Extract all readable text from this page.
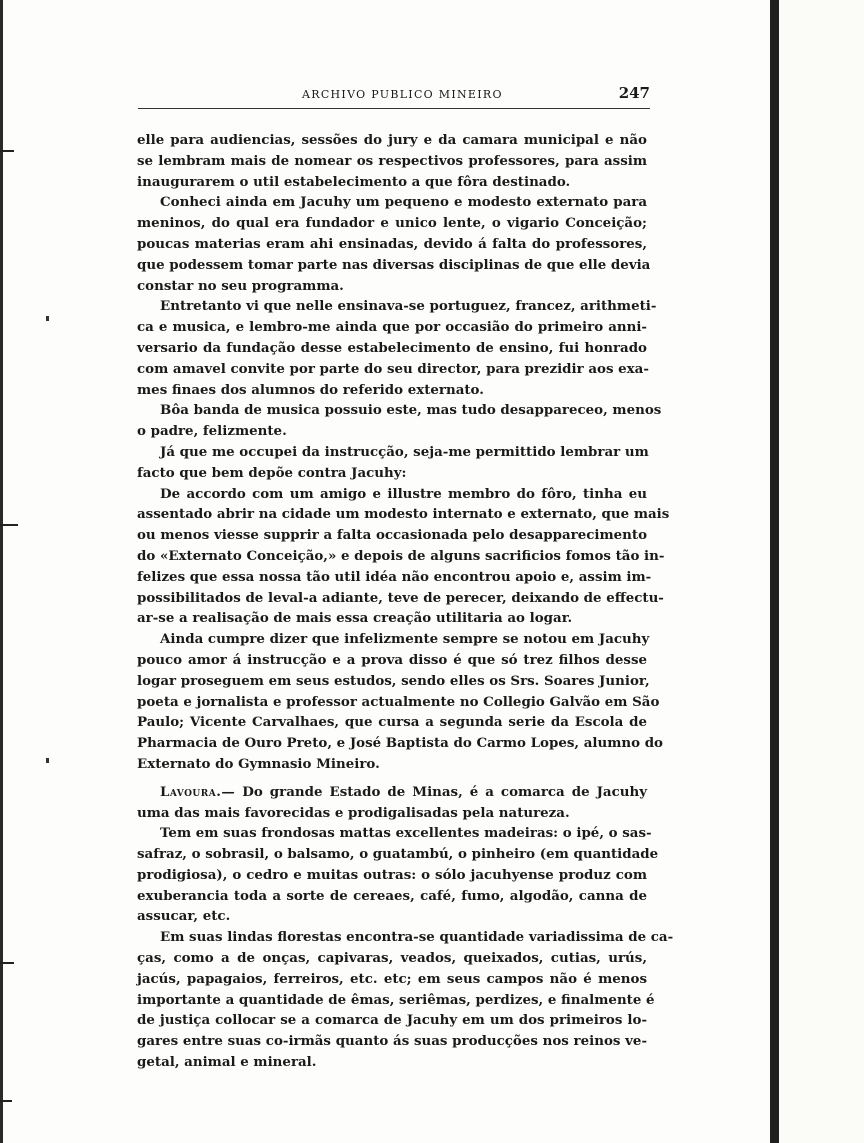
ARCHIVO PUBLICO MINEIRO	247
elle para audiencias, sessões do jury e da camara municipal e não
se lembram mais de nomear os respectivos professores, para assim
inaugurarem o util estabelecimento a que fôra destinado.
Conheci ainda em Jacuhy um pequeno e modesto externato para
meninos, do qual era fundador e unico lente, o vigario Conceição;
poucas materias eram ahi ensinadas, devido á falta do professores,
que podessem tomar parte nas diversas disciplinas de que elle devia
constar no seu programma.
Entretanto vi que nelle ensinava-se portuguez, francez, arithmeti-
ca e musica, e lembro-me ainda que por occasião do primeiro anni-
versario da fundação desse estabelecimento de ensino, fui honrado
com amavel convite por parte do seu director, para prezidir aos exa-
mes finaes dos alumnos do referido externato.
Bôa banda de musica possuio este, mas tudo desappareceo, menos
o padre, felizmente.
Já que me occupei da instrucção, seja-me permittido lembrar um
facto que bem depõe contra Jacuhy:
De accordo com um amigo e illustre membro do fôro, tinha eu
assentado abrir na cidade um modesto internato e externato, que mais
ou menos viesse supprir a falta occasionada pelo desapparecimento
do «Externato Conceição,» e depois de alguns sacrificios fomos tão in-
felizes que essa nossa tão util idéa não encontrou apoio e, assim im-
possibilitados de leval-a adiante, teve de perecer, deixando de effectu-
ar-se a realisação de mais essa creação utilitaria ao logar.
Ainda cumpre dizer que infelizmente sempre se notou em Jacuhy
pouco amor á instrucção e a prova disso é que só trez filhos desse
logar proseguem em seus estudos, sendo elles os Srs. Soares Junior,
poeta e jornalista e professor actualmente no Collegio Galvão em São
Paulo; Vicente Carvalhaes, que cursa a segunda serie da Escola de
Pharmacia de Ouro Preto, e José Baptista do Carmo Lopes, alumno do
Externato do Gymnasio Mineiro.
Lavoura.— Do grande Estado de Minas, é a comarca de Jacuhy
uma das mais favorecidas e prodigalisadas pela natureza.
Tem em suas frondosas mattas excellentes madeiras: o ipé, o sas-
safraz, o sobrasil, o balsamo, o guatambú, o pinheiro (em quantidade
prodigiosa), o cedro e muitas outras: o sólo jacuhyense produz com
exuberancia toda a sorte de cereaes, café, fumo, algodão, canna de
assucar, etc.
Em suas lindas florestas encontra-se quantidade variadissima de ca-
ças, como a de onças, capivaras, veados, queixados, cutias, urús,
jacús, papagaios, ferreiros, etc. etc; em seus campos não é menos
importante a quantidade de êmas, seriêmas, perdizes, e finalmente é
de justiça collocar se a comarca de Jacuhy em um dos primeiros lo-
gares entre suas co-irmãs quanto ás suas producções nos reinos ve-
getal, animal e mineral.
